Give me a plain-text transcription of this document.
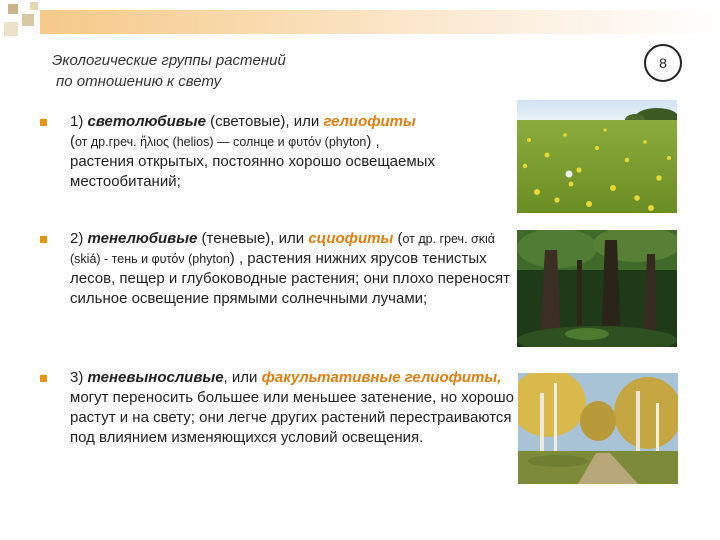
Экологические группы растений
по отношению к свету
8
1) светолюбивые (световые), или гелиофиты
(от др.греч. ἥλιος (helios) — солнце и φυτόν (phyton) ,
растения открытых, постоянно хорошо освещаемых местообитаний;
2) тенелюбивые (теневые), или сциофиты (от др. греч. σκιά (skiá) - тень и φυτόν (phyton) , растения нижних ярусов тенистых лесов, пещер и глубоководные растения; они плохо переносят сильное освещение прямыми солнечными лучами;
3) теневыносливые, или факультативные гелиофиты, могут переносить большее или меньшее затенение, но хорошо растут и на свету; они легче других растений перестраиваются под влиянием изменяющихся условий освещения.
